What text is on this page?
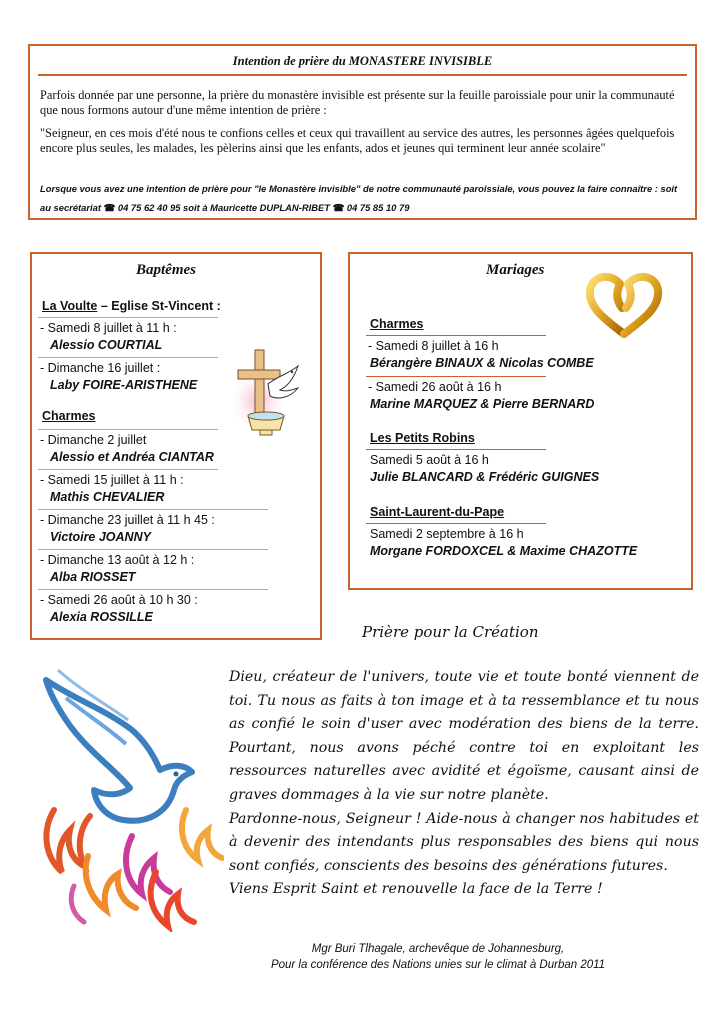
Intention de prière du MONASTERE INVISIBLE
Parfois donnée par une personne, la prière du monastère invisible est présente sur la feuille paroissiale pour unir la communauté que nous formons autour d'une même intention de prière :
"Seigneur, en ces mois d'été nous te confions celles et ceux qui travaillent au service des autres, les personnes âgées quelquefois encore plus seules, les malades, les pèlerins ainsi que les enfants, ados et jeunes qui terminent leur année scolaire"
Lorsque vous avez une intention de prière pour "le Monastère invisible" de notre communauté paroissiale, vous pouvez la faire connaître : soit au secrétariat ☎ 04 75 62 40 95 soit à Mauricette DUPLAN-RIBET ☎ 04 75 85 10 79
Baptêmes
La Voulte – Eglise St-Vincent :
- Samedi 8 juillet à 11 h :
Alessio COURTIAL
- Dimanche 16 juillet :
Laby FOIRE-ARISTHENE
Charmes
- Dimanche 2 juillet
Alessio et Andréa CIANTAR
- Samedi 15 juillet à 11 h :
Mathis CHEVALIER
- Dimanche 23 juillet à 11 h 45 :
Victoire JOANNY
- Dimanche 13 août à 12 h :
Alba RIOSSET
- Samedi 26 août à 10 h 30 :
Alexia ROSSILLE
Mariages
Charmes
- Samedi 8 juillet à 16 h
Bérangère BINAUX & Nicolas COMBE
- Samedi 26 août à 16 h
Marine MARQUEZ & Pierre BERNARD
Les Petits Robins
Samedi 5 août à 16 h
Julie BLANCARD & Frédéric GUIGNES
Saint-Laurent-du-Pape
Samedi 2 septembre à 16 h
Morgane FORDOXCEL & Maxime CHAZOTTE
Prière pour la Création
Dieu, créateur de l'univers, toute vie et toute bonté viennent de toi. Tu nous as faits à ton image et à ta ressemblance et tu nous as confié le soin d'user avec modération des biens de la terre. Pourtant, nous avons péché contre toi en exploitant les ressources naturelles avec avidité et égoïsme, causant ainsi de graves dommages à la vie sur notre planète.
Pardonne-nous, Seigneur ! Aide-nous à changer nos habitudes et à devenir des intendants plus responsables des biens qui nous sont confiés, conscients des besoins des générations futures.
Viens Esprit Saint et renouvelle la face de la Terre !
Mgr Buri Tlhagale, archevêque de Johannesburg,
Pour la conférence des Nations unies sur le climat à Durban 2011
